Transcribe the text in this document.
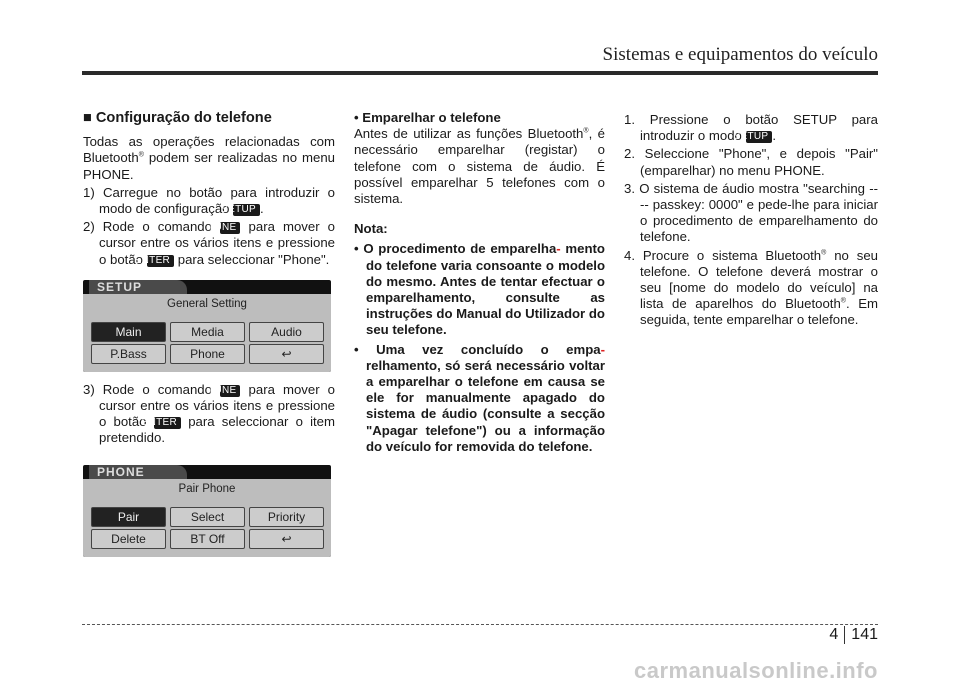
Sistemas e equipamentos do veículo
■ Configuração do telefone

Todas as operações relacionadas com Bluetooth® podem ser realizadas no menu PHONE.

1) Carregue no botão para introduzir o modo de configuração SETUP .

2) Rode o comando TUNE para mover o cursor entre os vários itens e pressione o botão ENTER para seleccionar "Phone".

SETUP
General Setting
Main	Media	Audio
P.Bass	Phone	↩

3) Rode o comando TUNE para mover o cursor entre os vários itens e pressione o botão ENTER para seleccionar o item pretendido.

PHONE
Pair Phone
Pair	Select	Priority
Delete	BT Off	↩

• Emparelhar o telefone

Antes de utilizar as funções Bluetooth®, é necessário emparelhar (registar) o telefone com o sistema de áudio. É possível emparelhar 5 telefones com o sistema.

Nota:

• O procedimento de emparelha- mento do telefone varia consoante o modelo do mesmo. Antes de tentar efectuar o emparelhamento, consulte as instruções do Manual do Utilizador do seu telefone.

• Uma vez concluído o empa- relhamento, só será necessário voltar a emparelhar o telefone em causa se ele for manualmente apagado do sistema de áudio (consulte a secção "Apagar telefone") ou a informação do veículo for removida do telefone.

1. Pressione o botão SETUP para introduzir o modo SETUP .

2. Seleccione "Phone", e depois "Pair" (emparelhar) no menu PHONE.

3. O sistema de áudio mostra "searching ---- passkey: 0000" e pede-lhe para iniciar o procedimento de emparelhamento do telefone.

4. Procure o sistema Bluetooth® no seu telefone. O telefone deverá mostrar o seu [nome do modelo do veículo] na lista de aparelhos do Bluetooth®. Em seguida, tente emparelhar o telefone.

4 141
carmanualsonline.info
